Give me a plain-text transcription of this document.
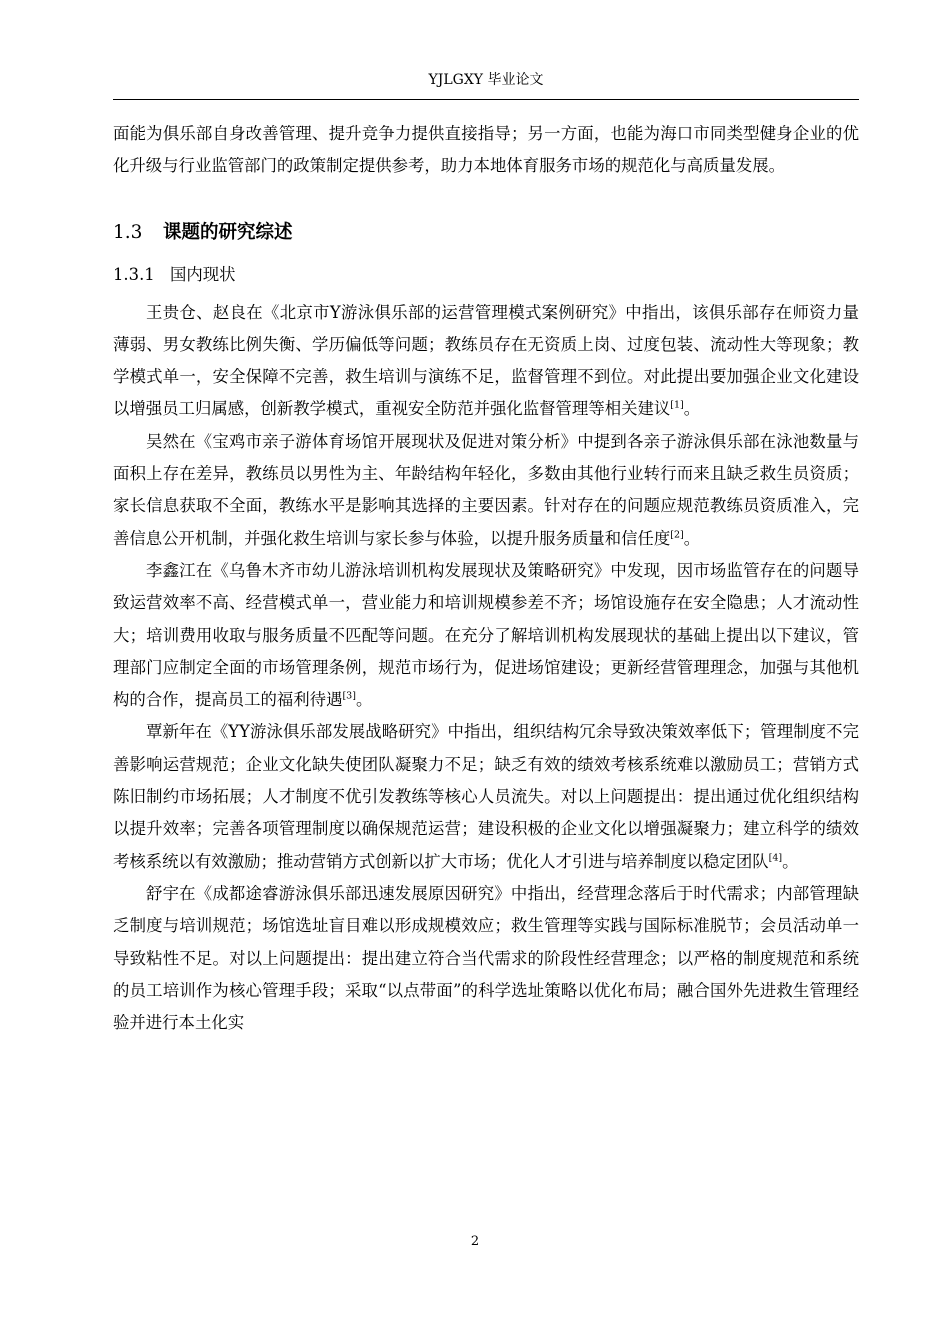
YJLGXY 毕业论文

面能为俱乐部自身改善管理、提升竞争力提供直接指导；另一方面，也能为海口市同类型健身企业的优化升级与行业监管部门的政策制定提供参考，助力本地体育服务市场的规范化与高质量发展。

1.3	课题的研究综述
1.3.1 国内现状

王贵仓、赵良在《北京市Y游泳俱乐部的运营管理模式案例研究》中指出，该俱乐部存在师资力量薄弱、男女教练比例失衡、学历偏低等问题；教练员存在无资质上岗、过度包装、流动性大等现象；教学模式单一，安全保障不完善，救生培训与演练不足，监督管理不到位。对此提出要加强企业文化建设以增强员工归属感，创新教学模式，重视安全防范并强化监督管理等相关建议[1]。

吴然在《宝鸡市亲子游体育场馆开展现状及促进对策分析》中提到各亲子游泳俱乐部在泳池数量与面积上存在差异，教练员以男性为主、年龄结构年轻化，多数由其他行业转行而来且缺乏救生员资质；家长信息获取不全面，教练水平是影响其选择的主要因素。针对存在的问题应规范教练员资质准入，完善信息公开机制，并强化救生培训与家长参与体验，以提升服务质量和信任度[2]。

李鑫江在《乌鲁木齐市幼儿游泳培训机构发展现状及策略研究》中发现，因市场监管存在的问题导致运营效率不高、经营模式单一，营业能力和培训规模参差不齐；场馆设施存在安全隐患；人才流动性大；培训费用收取与服务质量不匹配等问题。在充分了解培训机构发展现状的基础上提出以下建议，管理部门应制定全面的市场管理条例，规范市场行为，促进场馆建设；更新经营管理理念，加强与其他机构的合作，提高员工的福利待遇[3]。

覃新年在《YY游泳俱乐部发展战略研究》中指出，组织结构冗余导致决策效率低下；管理制度不完善影响运营规范；企业文化缺失使团队凝聚力不足；缺乏有效的绩效考核系统难以激励员工；营销方式陈旧制约市场拓展；人才制度不优引发教练等核心人员流失。对以上问题提出：提出通过优化组织结构以提升效率；完善各项管理制度以确保规范运营；建设积极的企业文化以增强凝聚力；建立科学的绩效考核系统以有效激励；推动营销方式创新以扩大市场；优化人才引进与培养制度以稳定团队[4]。

舒宇在《成都途睿游泳俱乐部迅速发展原因研究》中指出，经营理念落后于时代需求；内部管理缺乏制度与培训规范；场馆选址盲目难以形成规模效应；救生管理等实践与国际标准脱节；会员活动单一导致粘性不足。对以上问题提出：提出建立符合当代需求的阶段性经营理念；以严格的制度规范和系统的员工培训作为核心管理手段；采取“以点带面”的科学选址策略以优化布局；融合国外先进救生管理经验并进行本土化实

2
